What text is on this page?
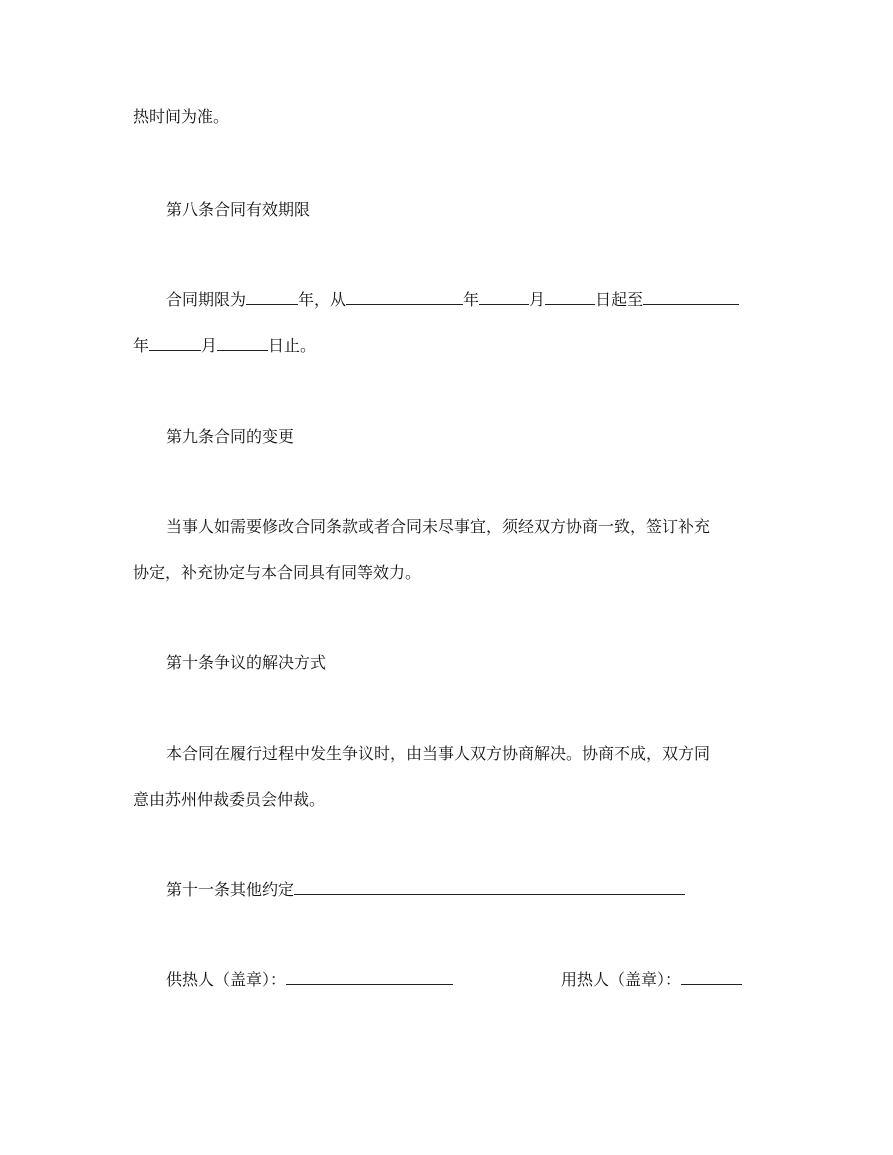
热时间为准。
第八条合同有效期限
合同期限为	年，从	年	月	日起至
年	月	日止。
第九条合同的变更
当事人如需要修改合同条款或者合同未尽事宜，须经双方协商一致，签订补充
协定，补充协定与本合同具有同等效力。
第十条争议的解决方式
本合同在履行过程中发生争议时，由当事人双方协商解决。协商不成，双方同
意由苏州仲裁委员会仲裁。
第十一条其他约定
供热人（盖章）：	用热人（盖章）：
